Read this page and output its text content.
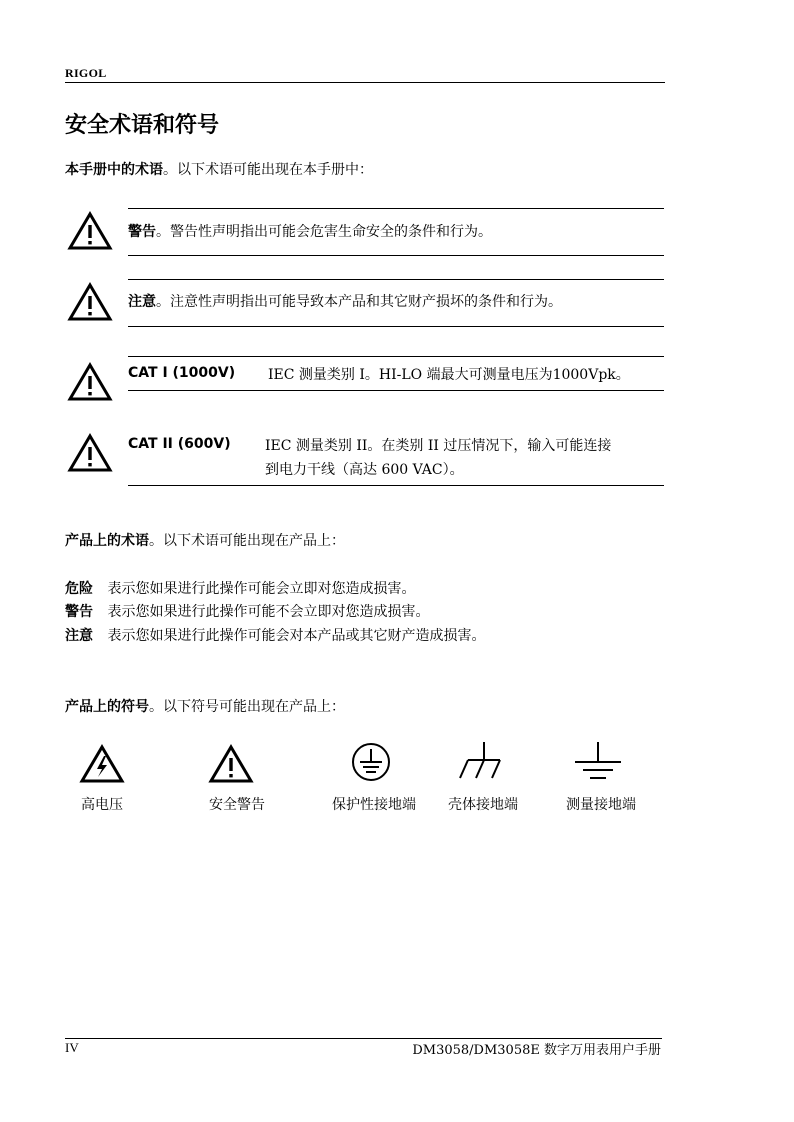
RIGOL
安全术语和符号
本手册中的术语。以下术语可能出现在本手册中：
警告。警告性声明指出可能会危害生命安全的条件和行为。
注意。注意性声明指出可能导致本产品和其它财产损坏的条件和行为。
CAT I (1000V) IEC 测量类别 I。HI-LO 端最大可测量电压为1000Vpk。
CAT II (600V) IEC 测量类别 II。在类别 II 过压情况下，输入可能连接
到电力干线（高达 600 VAC）。
产品上的术语。以下术语可能出现在产品上：
危险 表示您如果进行此操作可能会立即对您造成损害。
警告 表示您如果进行此操作可能不会立即对您造成损害。
注意 表示您如果进行此操作可能会对本产品或其它财产造成损害。
产品上的符号。以下符号可能出现在产品上：
高电压	安全警告	保护性接地端	壳体接地端	测量接地端
IV	DM3058/DM3058E 数字万用表用户手册
